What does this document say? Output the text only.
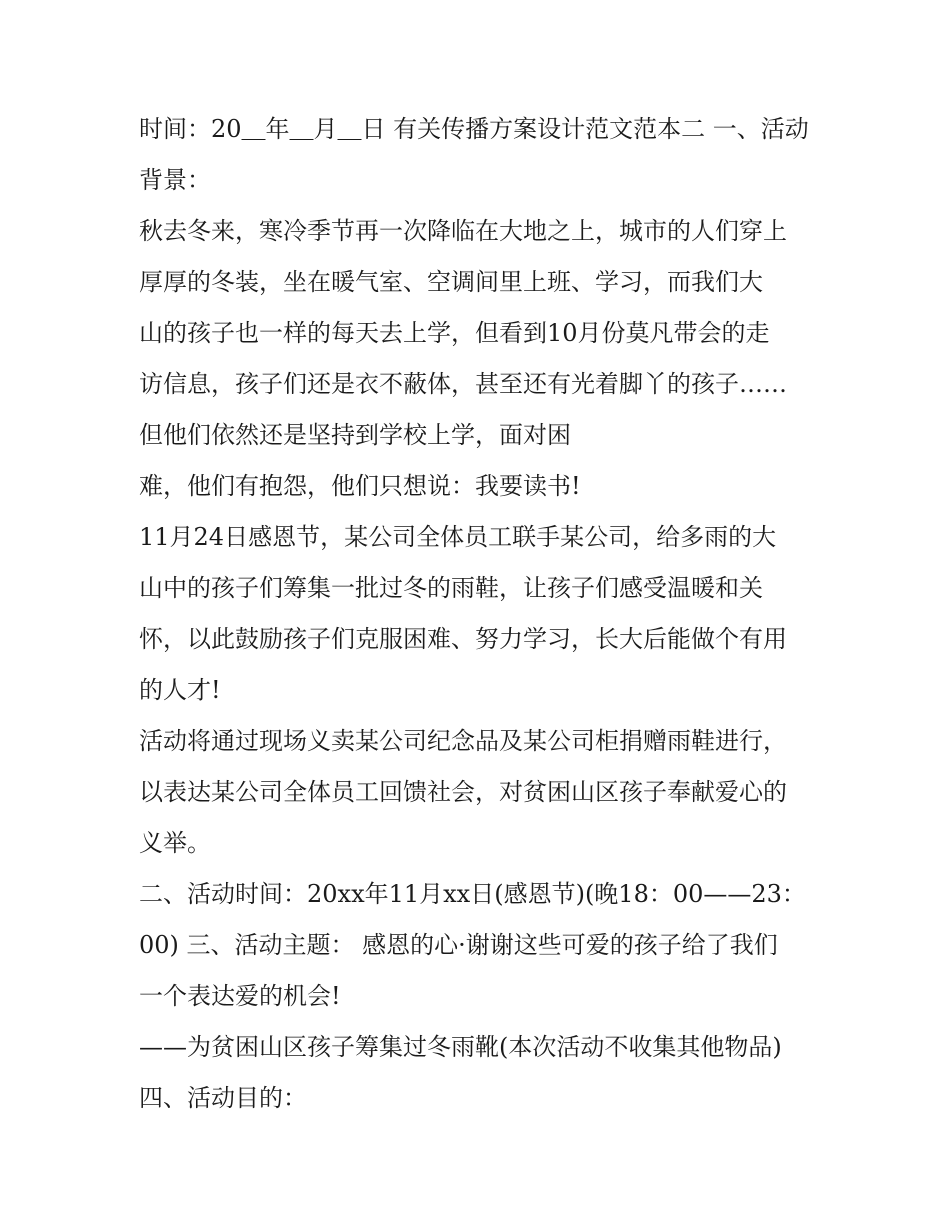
时间：20＿年＿月＿日 有关传播方案设计范文范本二 一、活动

背景：

秋去冬来，寒冷季节再一次降临在大地之上，城市的人们穿上

厚厚的冬装，坐在暖气室、空调间里上班、学习，而我们大

山的孩子也一样的每天去上学，但看到10月份莫凡带会的走

访信息，孩子们还是衣不蔽体，甚至还有光着脚丫的孩子……

但他们依然还是坚持到学校上学，面对困

难，他们有抱怨，他们只想说：我要读书!

11月24日感恩节，某公司全体员工联手某公司，给多雨的大

山中的孩子们筹集一批过冬的雨鞋，让孩子们感受温暖和关

怀，以此鼓励孩子们克服困难、努力学习，长大后能做个有用

的人才!

活动将通过现场义卖某公司纪念品及某公司柜捐赠雨鞋进行，

以表达某公司全体员工回馈社会，对贫困山区孩子奉献爱心的

义举。

二、活动时间：20xx年11月xx日(感恩节)(晚18：00——23：

00) 三、活动主题： 感恩的心·谢谢这些可爱的孩子给了我们

一个表达爱的机会!

——为贫困山区孩子筹集过冬雨靴(本次活动不收集其他物品)

四、活动目的：
